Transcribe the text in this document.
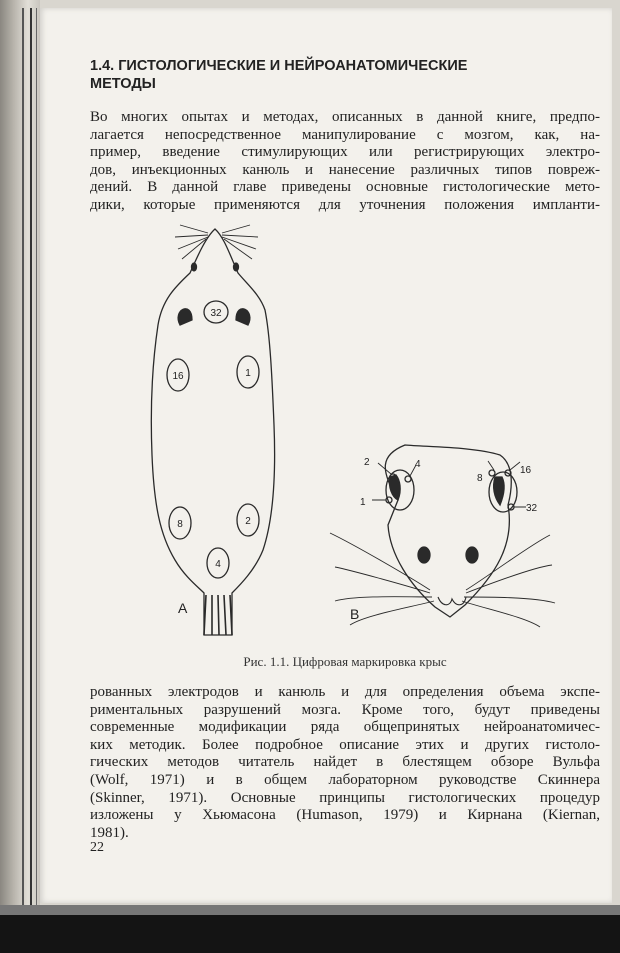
1.4. ГИСТОЛОГИЧЕСКИЕ И НЕЙРОАНАТОМИЧЕСКИЕ
МЕТОДЫ

Во многих опытах и методах, описанных в данной книге, предпо-
лагается непосредственное манипулирование с мозгом, как, на-
пример, введение стимулирующих или регистрирующих электро-
дов, инъекционных канюль и нанесение различных типов повреж-
дений. В данной главе приведены основные гистологические мето-
дики, которые применяются для уточнения положения импланти-

32
16	1
8	2
4
А
2	4
1
8
16
32
В

Рис. 1.1. Цифровая маркировка крыс

рованных электродов и канюль и для определения объема экспе-
риментальных разрушений мозга. Кроме того, будут приведены
современные модификации ряда общепринятых нейроанатомичес-
ких методик. Более подробное описание этих и других гистоло-
гических методов читатель найдет в блестящем обзоре Вульфа
(Wolf, 1971) и в общем лабораторном руководстве Скиннера
(Skinner, 1971). Основные принципы гистологических процедур
изложены у Хьюмасона (Humason, 1979) и Кирнана (Kiernan,
1981).

22
